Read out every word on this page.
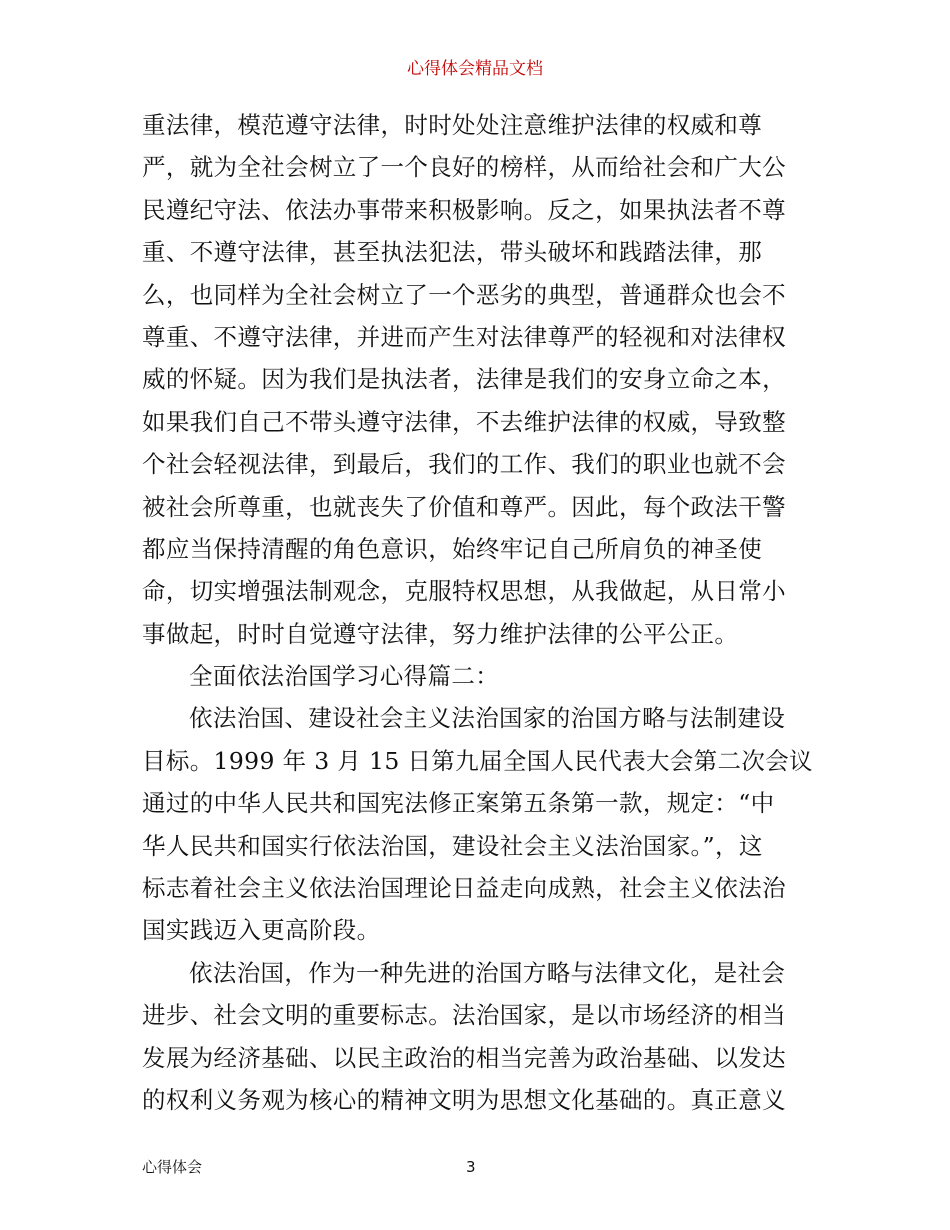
心得体会精品文档
重法律，模范遵守法律，时时处处注意维护法律的权威和尊
严，就为全社会树立了一个良好的榜样，从而给社会和广大公
民遵纪守法、依法办事带来积极影响。反之，如果执法者不尊
重、不遵守法律，甚至执法犯法，带头破坏和践踏法律，那
么，也同样为全社会树立了一个恶劣的典型，普通群众也会不
尊重、不遵守法律，并进而产生对法律尊严的轻视和对法律权
威的怀疑。因为我们是执法者，法律是我们的安身立命之本，
如果我们自己不带头遵守法律，不去维护法律的权威，导致整
个社会轻视法律，到最后，我们的工作、我们的职业也就不会
被社会所尊重，也就丧失了价值和尊严。因此，每个政法干警
都应当保持清醒的角色意识，始终牢记自己所肩负的神圣使
命，切实增强法制观念，克服特权思想，从我做起，从日常小
事做起，时时自觉遵守法律，努力维护法律的公平公正。
全面依法治国学习心得篇二：
依法治国、建设社会主义法治国家的治国方略与法制建设
目标。1999 年 3 月 15 日第九届全国人民代表大会第二次会议
通过的中华人民共和国宪法修正案第五条第一款，规定：“中
华人民共和国实行依法治国，建设社会主义法治国家。”，这
标志着社会主义依法治国理论日益走向成熟，社会主义依法治
国实践迈入更高阶段。
依法治国，作为一种先进的治国方略与法律文化，是社会
进步、社会文明的重要标志。法治国家，是以市场经济的相当
发展为经济基础、以民主政治的相当完善为政治基础、以发达
的权利义务观为核心的精神文明为思想文化基础的。真正意义
心得体会	3
